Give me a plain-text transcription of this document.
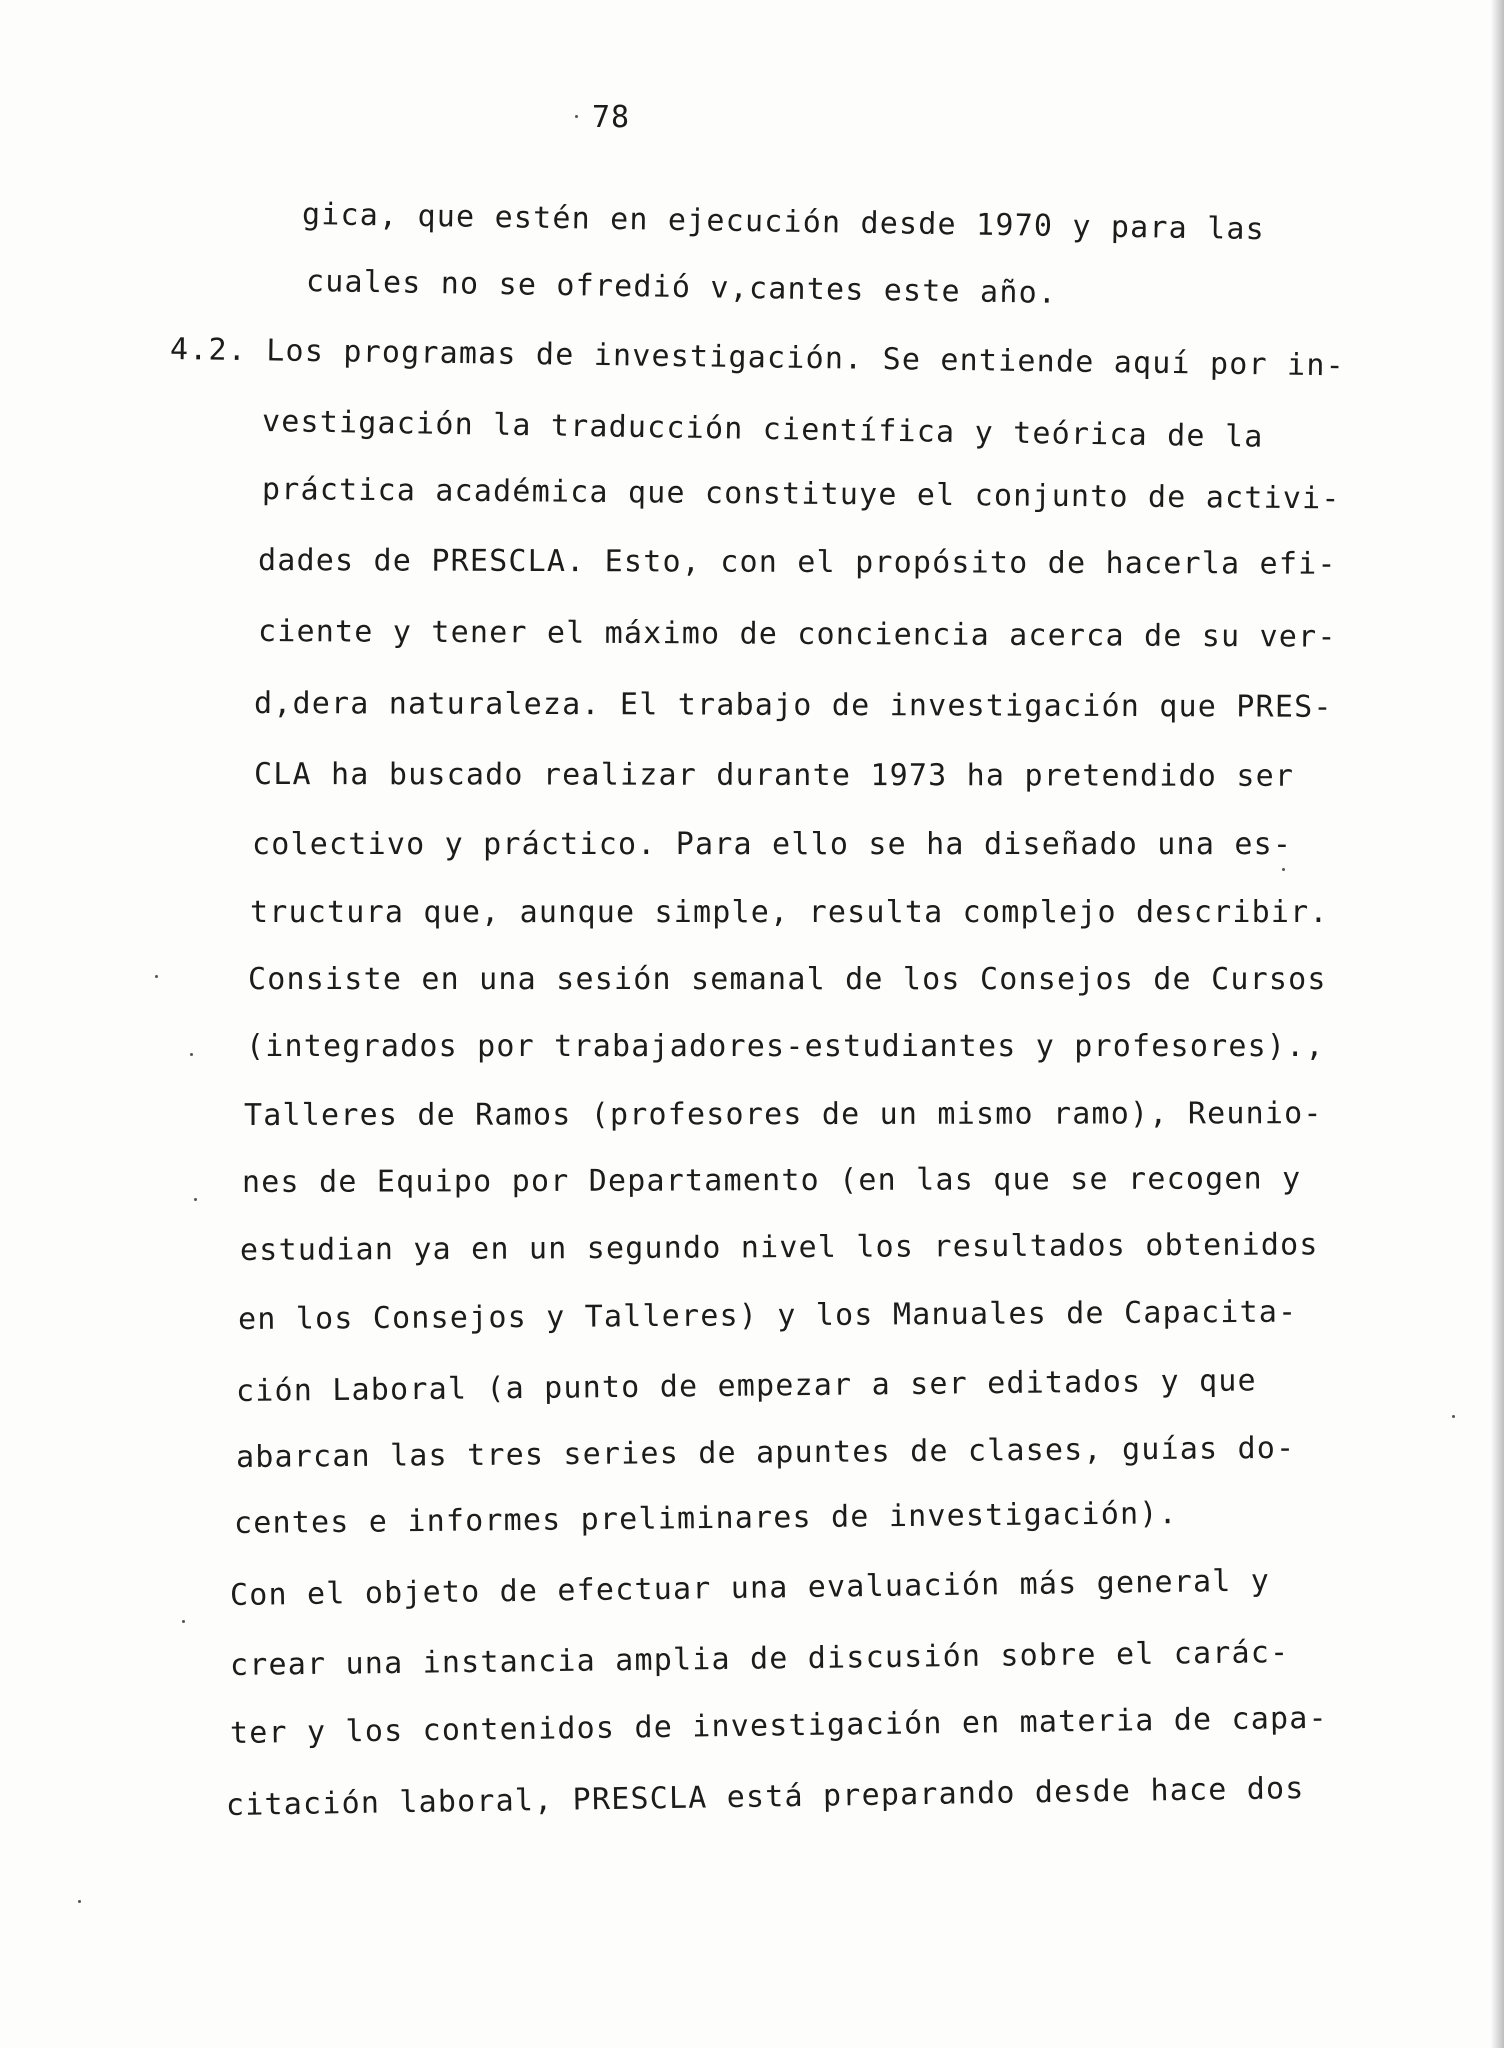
78
gica, que estén en ejecución desde 1970 y para las
cuales no se ofredió v,cantes este año.
4.2. Los programas de investigación. Se entiende aquí por in-
vestigación la traducción científica y teórica de la
práctica académica que constituye el conjunto de activi-
dades de PRESCLA. Esto, con el propósito de hacerla efi-
ciente y tener el máximo de conciencia acerca de su ver-
d,dera naturaleza. El trabajo de investigación que PRES-
CLA ha buscado realizar durante 1973 ha pretendido ser
colectivo y práctico. Para ello se ha diseñado una es-
tructura que, aunque simple, resulta complejo describir.
Consiste en una sesión semanal de los Consejos de Cursos
(integrados por trabajadores-estudiantes y profesores).,
Talleres de Ramos (profesores de un mismo ramo), Reunio-
nes de Equipo por Departamento (en las que se recogen y
estudian ya en un segundo nivel los resultados obtenidos
en los Consejos y Talleres) y los Manuales de Capacita-
ción Laboral (a punto de empezar a ser editados y que
abarcan las tres series de apuntes de clases, guías do-
centes e informes preliminares de investigación).
Con el objeto de efectuar una evaluación más general y
crear una instancia amplia de discusión sobre el carác-
ter y los contenidos de investigación en materia de capa-
citación laboral, PRESCLA está preparando desde hace dos
